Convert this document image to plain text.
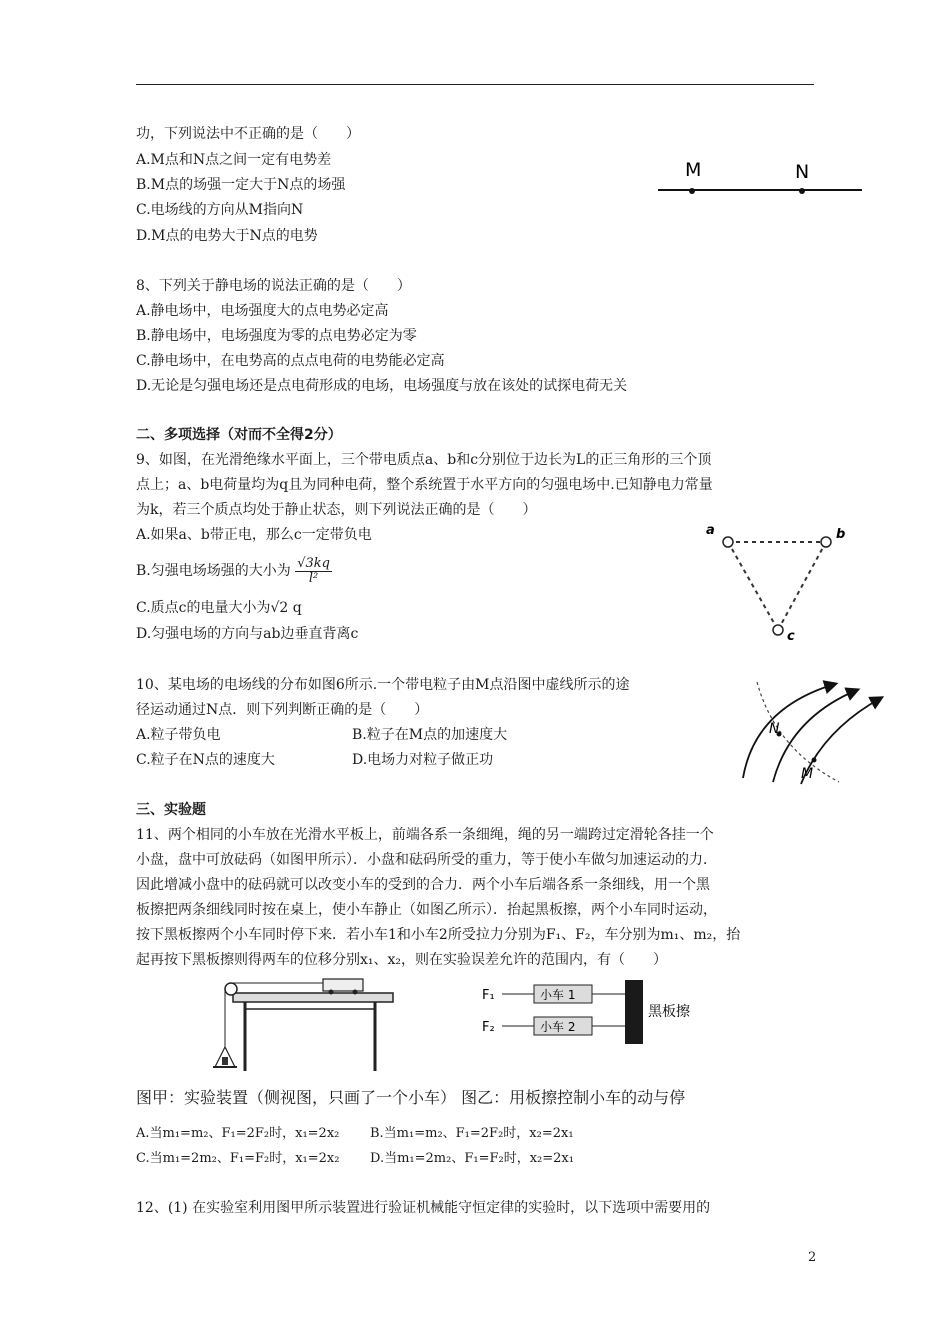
功，下列说法中不正确的是（　　）
A.M点和N点之间一定有电势差
B.M点的场强一定大于N点的场强
C.电场线的方向从M指向N
D.M点的电势大于N点的电势
M	N
8、下列关于静电场的说法正确的是（　　）
A.静电场中，电场强度大的点电势必定高
B.静电场中，电场强度为零的点电势必定为零
C.静电场中，在电势高的点点电荷的电势能必定高
D.无论是匀强电场还是点电荷形成的电场，电场强度与放在该处的试探电荷无关
二、多项选择（对而不全得2分）
9、如图，在光滑绝缘水平面上，三个带电质点a、b和c分别位于边长为L的正三角形的三个顶
点上；a、b电荷量均为q且为同种电荷，整个系统置于水平方向的匀强电场中.已知静电力常量
为k，若三个质点均处于静止状态，则下列说法正确的是（　　）
A.如果a、b带正电，那么c一定带负电
B.匀强电场场强的大小为 $\frac{√3kq}{\text{l²}}$
C.质点c的电量大小为√2 q
D.匀强电场的方向与ab边垂直背离c
a	b
c
10、某电场的电场线的分布如图6所示.一个带电粒子由M点沿图中虚线所示的途
径运动通过N点．则下列判断正确的是（　　）
A.粒子带负电	B.粒子在M点的加速度大
C.粒子在N点的速度大	D.电场力对粒子做正功
N
M
三、实验题
11、两个相同的小车放在光滑水平板上，前端各系一条细绳，绳的另一端跨过定滑轮各挂一个
小盘，盘中可放砝码（如图甲所示）．小盘和砝码所受的重力，等于使小车做匀加速运动的力．
因此增减小盘中的砝码就可以改变小车的受到的合力．两个小车后端各系一条细线，用一个黑
板擦把两条细线同时按在桌上，使小车静止（如图乙所示）．抬起黑板擦，两个小车同时运动，
按下黑板擦两个小车同时停下来．若小车1和小车2所受拉力分别为F₁、F₂，车分别为m₁、m₂，抬
起再按下黑板擦则得两车的位移分别x₁、x₂，则在实验误差允许的范围内，有（　　）
F₁
F₂
小车 1
小车 2
黑板擦
图甲：实验装置（侧视图，只画了一个小车） 图乙：用板擦控制小车的动与停
A.当m₁=m₂、F₁=2F₂时，x₁=2x₂ B.当m₁=m₂、F₁=2F₂时，x₂=2x₁
C.当m₁=2m₂、F₁=F₂时，x₁=2x₂ D.当m₁=2m₂、F₁=F₂时，x₂=2x₁
12、(1) 在实验室利用图甲所示装置进行验证机械能守恒定律的实验时，以下选项中需要用的
2
